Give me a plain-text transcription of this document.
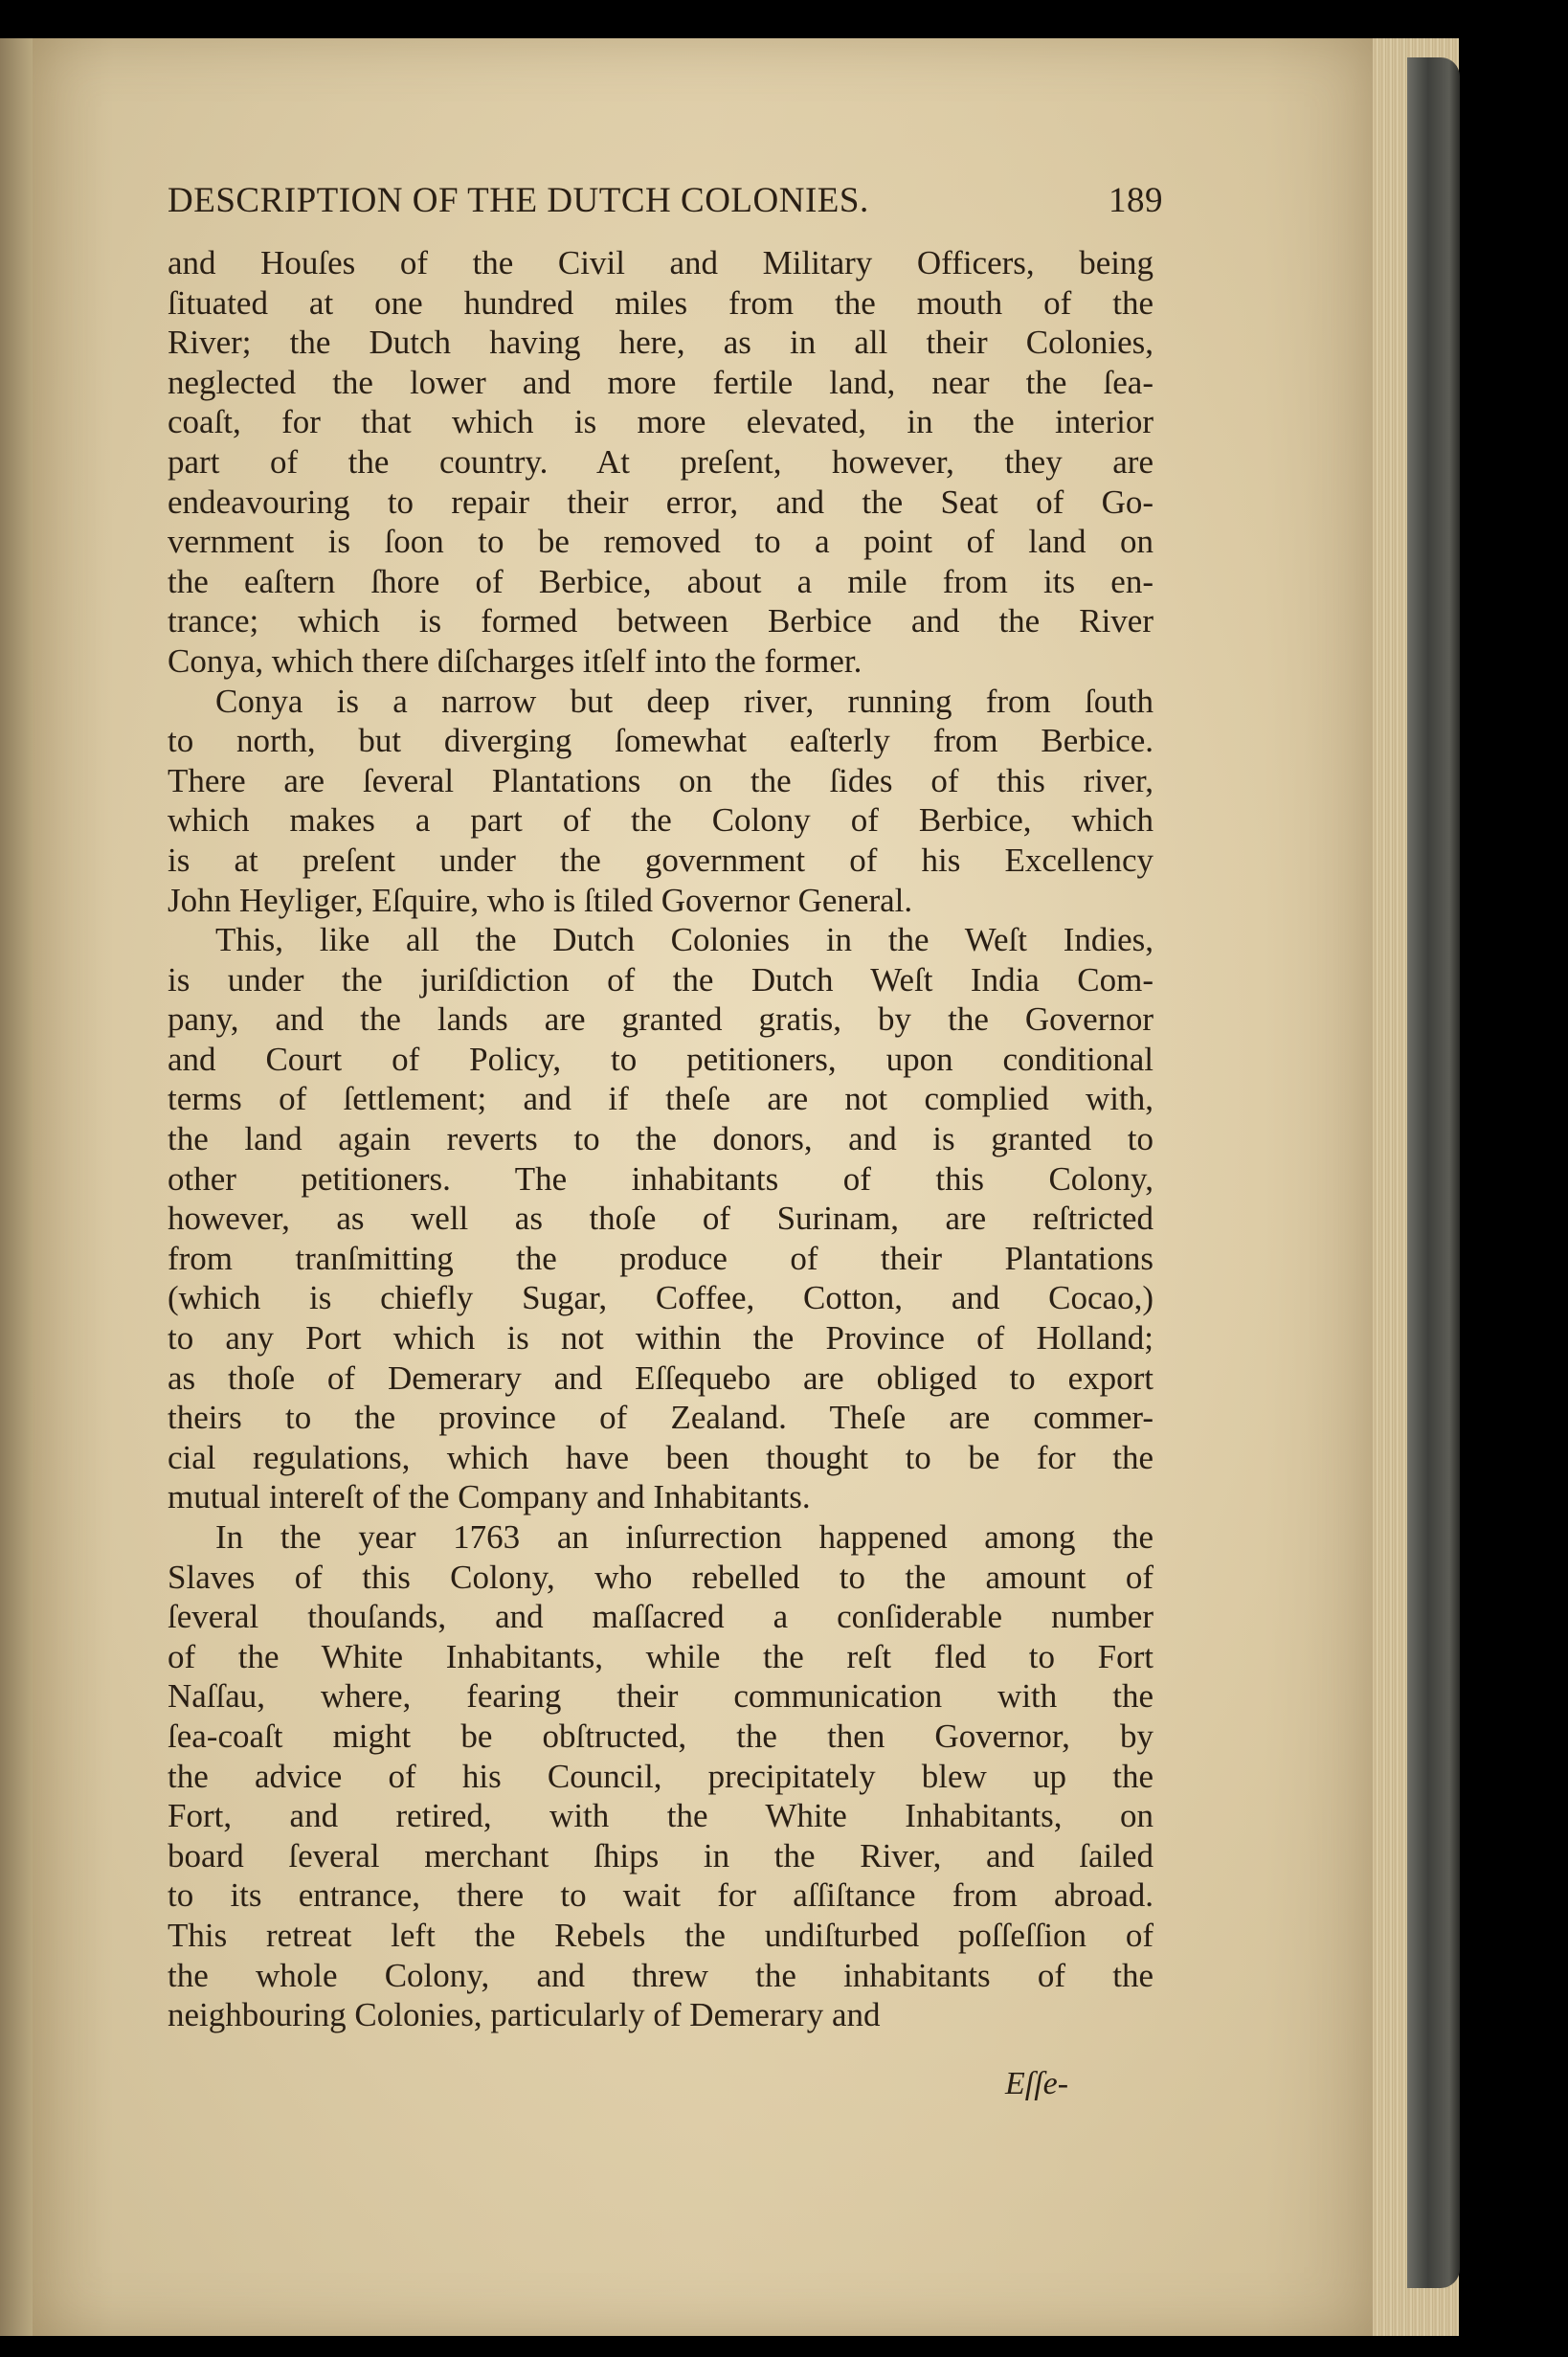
DESCRIPTION OF THE DUTCH COLONIES.	189
and Houſes of the Civil and Military Officers, being
ſituated at one hundred miles from the mouth of the
River; the Dutch having here, as in all their Colonies,
neglected the lower and more fertile land, near the ſea-
coaſt, for that which is more elevated, in the interior
part of the country. At preſent, however, they are
endeavouring to repair their error, and the Seat of Go-
vernment is ſoon to be removed to a point of land on
the eaſtern ſhore of Berbice, about a mile from its en-
trance; which is formed between Berbice and the River
Conya, which there diſcharges itſelf into the former.
Conya is a narrow but deep river, running from ſouth
to north, but diverging ſomewhat eaſterly from Berbice.
There are ſeveral Plantations on the ſides of this river,
which makes a part of the Colony of Berbice, which
is at preſent under the government of his Excellency
John Heyliger, Eſquire, who is ſtiled Governor General.
This, like all the Dutch Colonies in the Weſt Indies,
is under the juriſdiction of the Dutch Weſt India Com-
pany, and the lands are granted gratis, by the Governor
and Court of Policy, to petitioners, upon conditional
terms of ſettlement; and if theſe are not complied with,
the land again reverts to the donors, and is granted to
other petitioners. The inhabitants of this Colony,
however, as well as thoſe of Surinam, are reſtricted
from tranſmitting the produce of their Plantations
(which is chiefly Sugar, Coffee, Cotton, and Cocao,)
to any Port which is not within the Province of Holland;
as thoſe of Demerary and Eſſequebo are obliged to export
theirs to the province of Zealand. Theſe are commer-
cial regulations, which have been thought to be for the
mutual intereſt of the Company and Inhabitants.
In the year 1763 an inſurrection happened among the
Slaves of this Colony, who rebelled to the amount of
ſeveral thouſands, and maſſacred a conſiderable number
of the White Inhabitants, while the reſt fled to Fort
Naſſau, where, fearing their communication with the
ſea-coaſt might be obſtructed, the then Governor, by
the advice of his Council, precipitately blew up the
Fort, and retired, with the White Inhabitants, on
board ſeveral merchant ſhips in the River, and ſailed
to its entrance, there to wait for aſſiſtance from abroad.
This retreat left the Rebels the undiſturbed poſſeſſion of
the whole Colony, and threw the inhabitants of the
neighbouring Colonies, particularly of Demerary and
Eſſe-
